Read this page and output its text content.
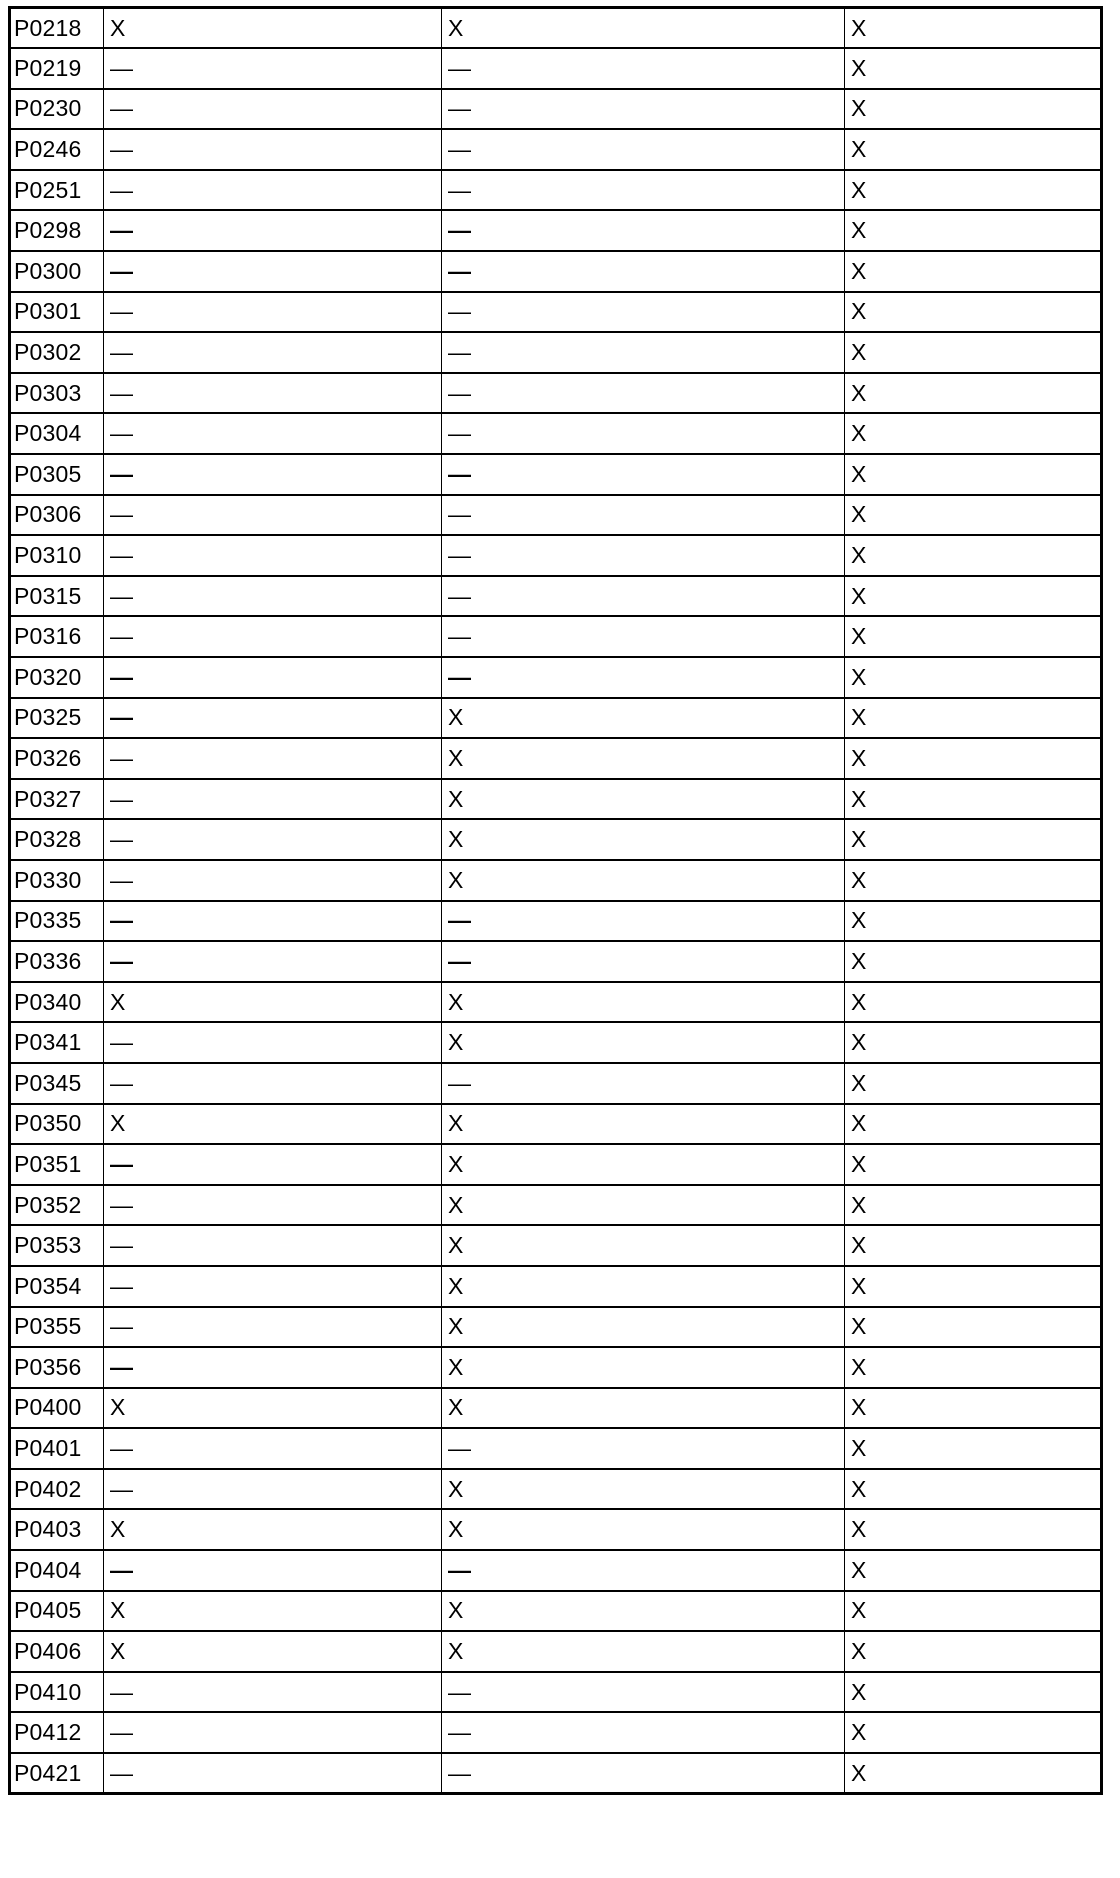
P0218	X	X	X
P0219	—	—	X
P0230	—	—	X
P0246	—	—	X
P0251	—	—	X
P0298	—	—	X
P0300	—	—	X
P0301	—	—	X
P0302	—	—	X
P0303	—	—	X
P0304	—	—	X
P0305	—	—	X
P0306	—	—	X
P0310	—	—	X
P0315	—	—	X
P0316	—	—	X
P0320	—	—	X
P0325	—	X	X
P0326	—	X	X
P0327	—	X	X
P0328	—	X	X
P0330	—	X	X
P0335	—	—	X
P0336	—	—	X
P0340	X	X	X
P0341	—	X	X
P0345	—	—	X
P0350	X	X	X
P0351	—	X	X
P0352	—	X	X
P0353	—	X	X
P0354	—	X	X
P0355	—	X	X
P0356	—	X	X
P0400	X	X	X
P0401	—	—	X
P0402	—	X	X
P0403	X	X	X
P0404	—	—	X
P0405	X	X	X
P0406	X	X	X
P0410	—	—	X
P0412	—	—	X
P0421	—	—	X
